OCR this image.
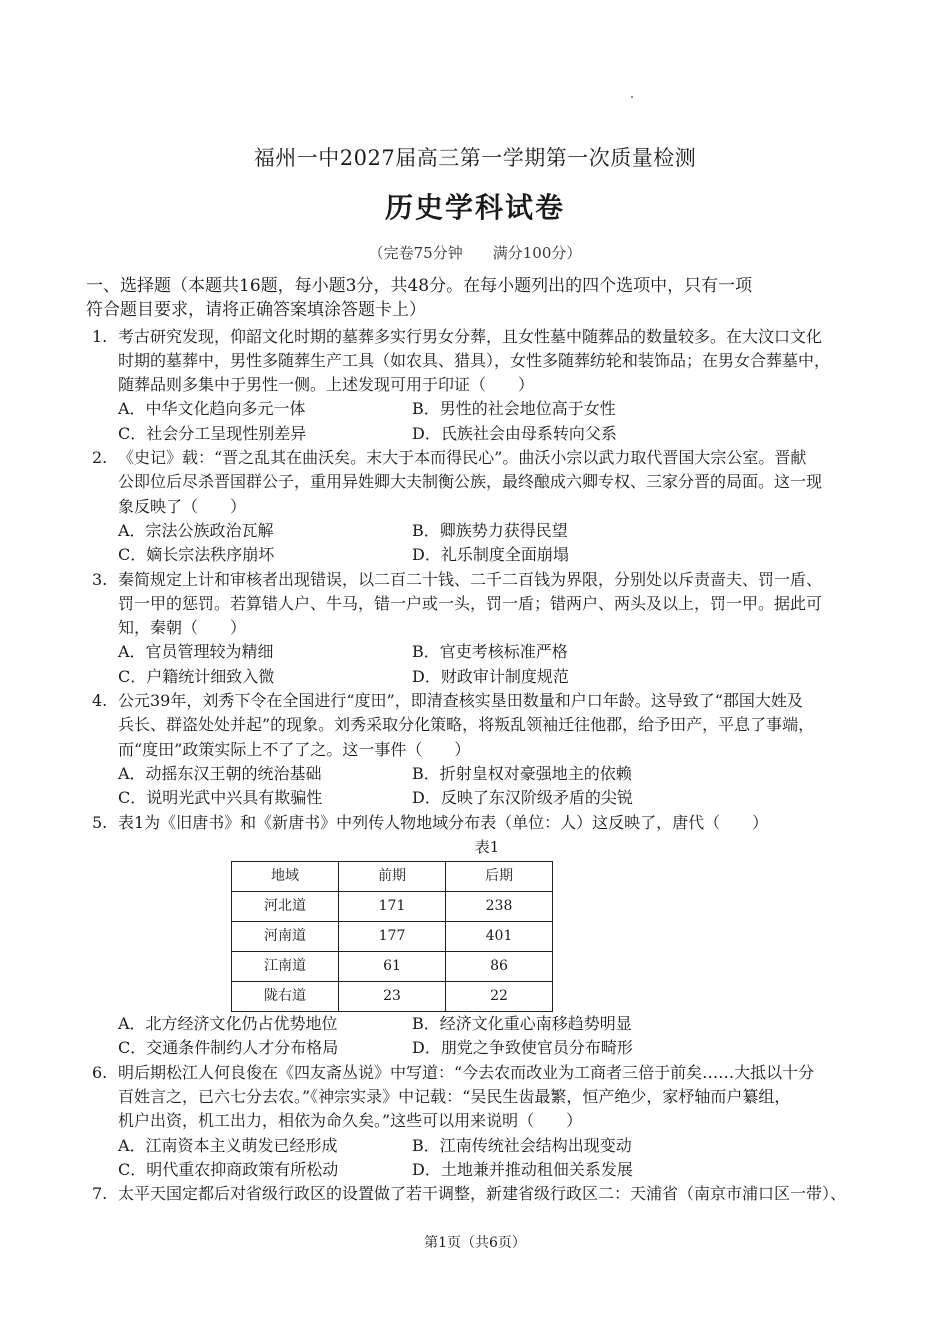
福州一中2027届高三第一学期第一次质量检测
历史学科试卷
（完卷75分钟　　满分100分）
一、选择题（本题共16题，每小题3分，共48分。在每小题列出的四个选项中，只有一项
符合题目要求，请将正确答案填涂答题卡上）
1. 考古研究发现，仰韶文化时期的墓葬多实行男女分葬，且女性墓中随葬品的数量较多。在大汶口文化
时期的墓葬中，男性多随葬生产工具（如农具、猎具），女性多随葬纺轮和装饰品；在男女合葬墓中，
随葬品则多集中于男性一侧。上述发现可用于印证（　　）
A．中华文化趋向多元一体	B．男性的社会地位高于女性
C．社会分工呈现性别差异	D．氏族社会由母系转向父系
2. 《史记》载：“晋之乱其在曲沃矣。末大于本而得民心”。曲沃小宗以武力取代晋国大宗公室。晋献
公即位后尽杀晋国群公子，重用异姓卿大夫制衡公族，最终酿成六卿专权、三家分晋的局面。这一现
象反映了（　　）
A．宗法公族政治瓦解	B．卿族势力获得民望
C．嫡长宗法秩序崩坏	D．礼乐制度全面崩塌
3. 秦简规定上计和审核者出现错误，以二百二十钱、二千二百钱为界限，分别处以斥责啬夫、罚一盾、
罚一甲的惩罚。若算错人户、牛马，错一户或一头，罚一盾；错两户、两头及以上，罚一甲。据此可
知，秦朝（　　）
A．官员管理较为精细	B．官吏考核标准严格
C．户籍统计细致入微	D．财政审计制度规范
4. 公元39年，刘秀下令在全国进行“度田”，即清查核实垦田数量和户口年龄。这导致了“郡国大姓及
兵长、群盗处处并起”的现象。刘秀采取分化策略，将叛乱领袖迁往他郡，给予田产，平息了事端，
而“度田”政策实际上不了了之。这一事件（　　）
A．动摇东汉王朝的统治基础	B．折射皇权对豪强地主的依赖
C．说明光武中兴具有欺骗性	D．反映了东汉阶级矛盾的尖锐
5. 表1为《旧唐书》和《新唐书》中列传人物地域分布表（单位：人）这反映了，唐代（　　）
表1
地域	前期	后期
河北道	171	238
河南道	177	401
江南道	61	86
陇右道	23	22
A．北方经济文化仍占优势地位	B．经济文化重心南移趋势明显
C．交通条件制约人才分布格局	D．朋党之争致使官员分布畸形
6. 明后期松江人何良俊在《四友斋丛说》中写道：“今去农而改业为工商者三倍于前矣……大抵以十分
百姓言之，已六七分去农。”《神宗实录》中记载：“吴民生齿最繁，恒产绝少，家杼轴而户纂组，
机户出资，机工出力，相依为命久矣。”这些可以用来说明（　　）
A．江南资本主义萌发已经形成	B．江南传统社会结构出现变动
C．明代重农抑商政策有所松动	D．土地兼并推动租佃关系发展
7. 太平天国定都后对省级行政区的设置做了若干调整，新建省级行政区二：天浦省（南京市浦口区一带）、
第1页（共6页）
